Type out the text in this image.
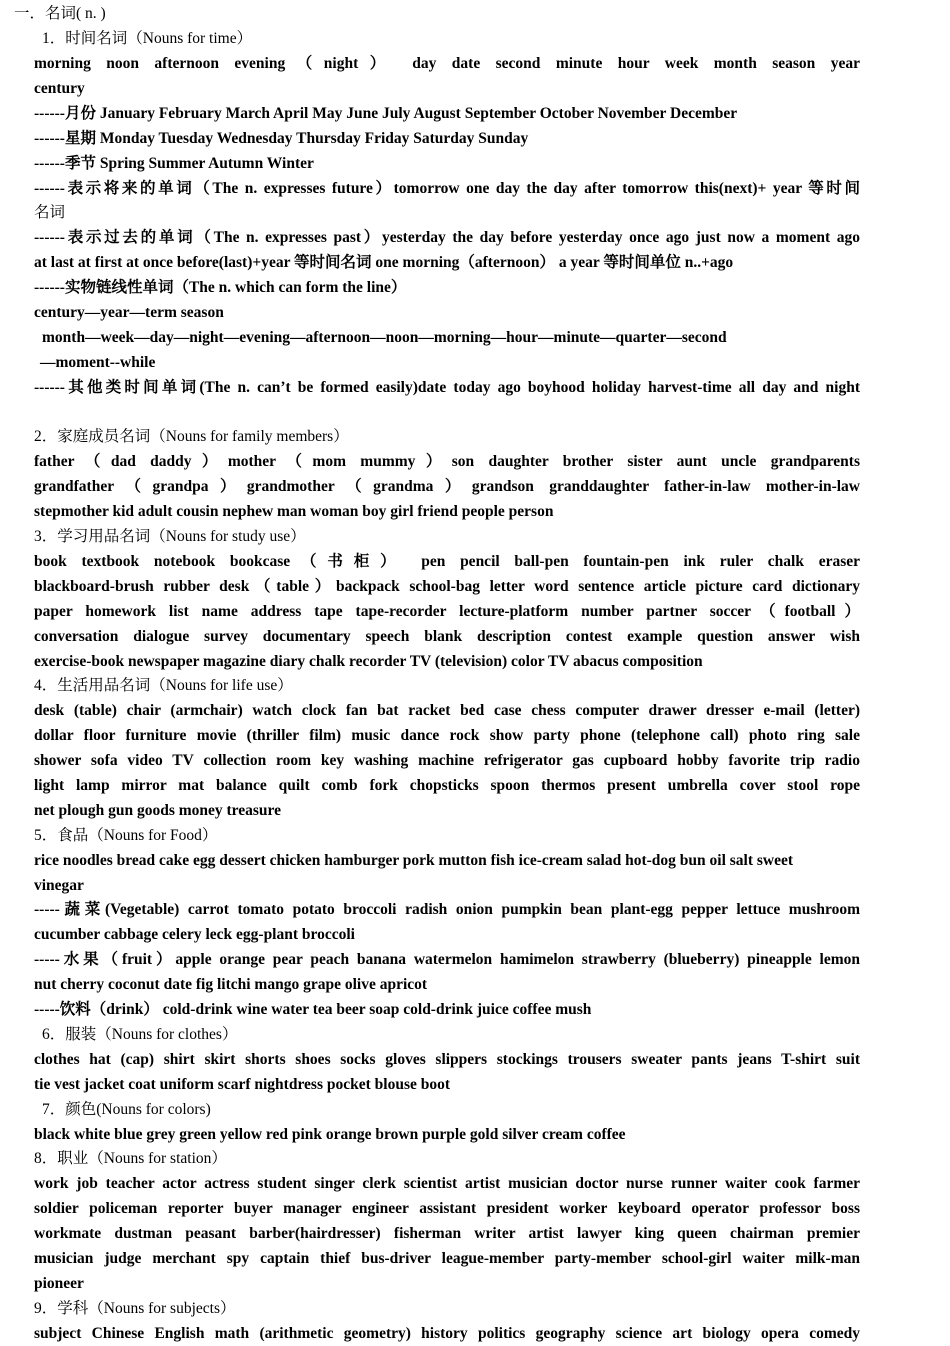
一．名词( n. )
1．时间名词（Nouns for time）
morning noon afternoon evening（night） day date second minute hour week month season year
century
------月份 January February March April May June July August September October November December
------星期 Monday Tuesday Wednesday Thursday Friday Saturday Sunday
------季节 Spring Summer Autumn Winter
------表示将来的单词（The n. expresses future）tomorrow one day the day after tomorrow this(next)+ year 等时间
名词
------表示过去的单词（The n. expresses past）yesterday the day before yesterday once ago just now a moment ago
at last at first at once before(last)+year 等时间名词 one morning（afternoon） a year 等时间单位 n..+ago
------实物链线性单词（The n. which can form the line）
century—year—term season
month—week—day—night—evening—afternoon—noon—morning—hour—minute—quarter—second
—moment--while
------其他类时间单词(The n. can’t be formed easily)date today ago boyhood holiday harvest-time all day and night
2．家庭成员名词（Nouns for family members）
father（dad daddy）mother（mom mummy）son daughter brother sister aunt uncle grandparents
grandfather（grandpa）grandmother（grandma）grandson granddaughter father-in-law mother-in-law
stepmother kid adult cousin nephew man woman boy girl friend people person
3．学习用品名词（Nouns for study use）
book textbook notebook bookcase（书柜） pen pencil ball-pen fountain-pen ink ruler chalk eraser
blackboard-brush rubber desk（table）backpack school-bag letter word sentence article picture card dictionary
paper homework list name address tape tape-recorder lecture-platform number partner soccer（football）
conversation dialogue survey documentary speech blank description contest example question answer wish
exercise-book newspaper magazine diary chalk recorder TV (television) color TV abacus composition
4．生活用品名词（Nouns for life use）
desk (table) chair (armchair) watch clock fan bat racket bed case chess computer drawer dresser e-mail (letter)
dollar floor furniture movie (thriller film) music dance rock show party phone (telephone call) photo ring sale
shower sofa video TV collection room key washing machine refrigerator gas cupboard hobby favorite trip radio
light lamp mirror mat balance quilt comb fork chopsticks spoon thermos present umbrella cover stool rope
net plough gun goods money treasure
5．食品（Nouns for Food）
rice noodles bread cake egg dessert chicken hamburger pork mutton fish ice-cream salad hot-dog bun oil salt sweet
vinegar
-----蔬菜(Vegetable) carrot tomato potato broccoli radish onion pumpkin bean plant-egg pepper lettuce mushroom
cucumber cabbage celery leck egg-plant broccoli
-----水果（fruit）apple orange pear peach banana watermelon hamimelon strawberry (blueberry) pineapple lemon
nut cherry coconut date fig litchi mango grape olive apricot
-----饮料（drink） cold-drink wine water tea beer soap cold-drink juice coffee mush
6．服装（Nouns for clothes）
clothes hat (cap) shirt skirt shorts shoes socks gloves slippers stockings trousers sweater pants jeans T-shirt suit
tie vest jacket coat uniform scarf nightdress pocket blouse boot
7．颜色(Nouns for colors)
black white blue grey green yellow red pink orange brown purple gold silver cream coffee
8．职业（Nouns for station）
work job teacher actor actress student singer clerk scientist artist musician doctor nurse runner waiter cook farmer
soldier policeman reporter buyer manager engineer assistant president worker keyboard operator professor boss
workmate dustman peasant barber(hairdresser) fisherman writer artist lawyer king queen chairman premier
musician judge merchant spy captain thief bus-driver league-member party-member school-girl waiter milk-man
pioneer
9．学科（Nouns for subjects）
subject Chinese English math (arithmetic geometry) history politics geography science art biology opera comedy
